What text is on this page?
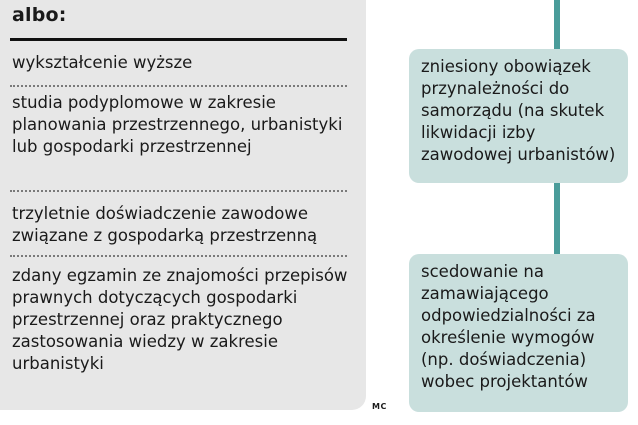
albo:

wykształcenie wyższe

studia podyplomowe w zakresie planowania przestrzennego, urbanistyki lub gospodarki przestrzennej

trzyletnie doświadczenie zawodowe związane z gospodarką przestrzenną

zdany egzamin ze znajomości przepisów prawnych dotyczących gospodarki przestrzennej oraz praktycznego zastosowania wiedzy w zakresie urbanistyki

zniesiony obowiązek przynależności do samorządu (na skutek likwidacji izby zawodowej urbanistów)
scedowanie na zamawiającego odpowiedzialności za określenie wymogów (np. doświadczenia) wobec projektantów
MC
